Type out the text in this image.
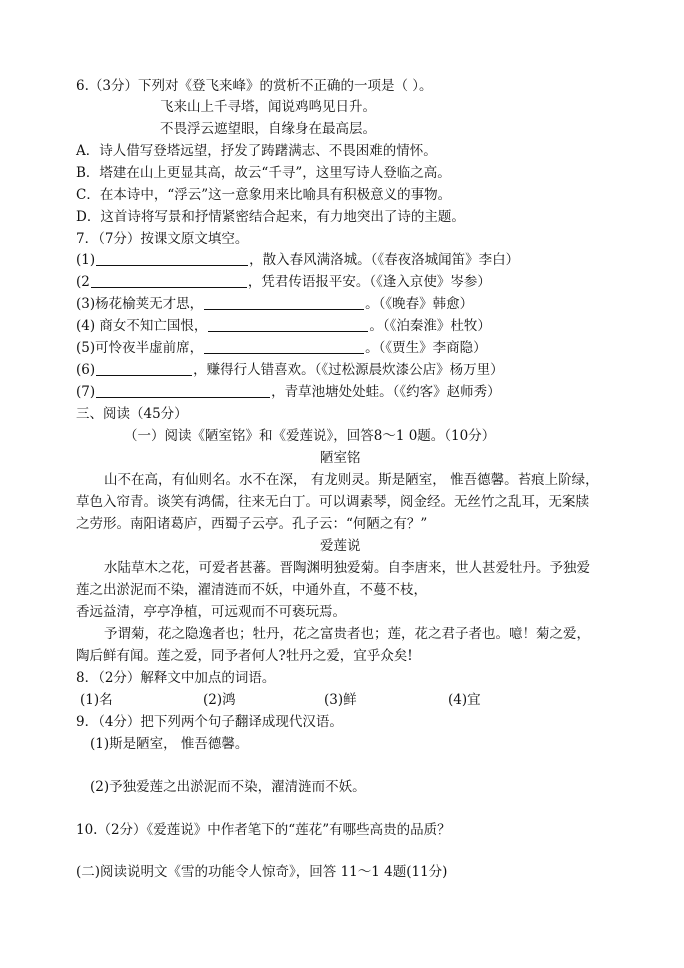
6.（3分）下列对《登飞来峰》的赏析不正确的一项是（ ）。
飞来山上千寻塔，闻说鸡鸣见日升。
不畏浮云遮望眼，自缘身在最高层。
A．诗人借写登塔远望，抒发了踌躇满志、不畏困难的情怀。
B．塔建在山上更显其高，故云“千寻”，这里写诗人登临之高。
C．在本诗中，“浮云”这一意象用来比喻具有积极意义的事物。
D．这首诗将写景和抒情紧密结合起来，有力地突出了诗的主题。
7．（7分）按课文原文填空。
(1)	，散入春风满洛城。（《春夜洛城闻笛》李白）
(2	，凭君传语报平安。（《逢入京使》岑参）
(3)杨花榆荚无才思，	。（《晚春》韩愈）
(4) 商女不知亡国恨，	。（《泊秦淮》杜牧）
(5)可怜夜半虚前席，	。（《贾生》李商隐）
(6)	，赚得行人错喜欢。（《过松源晨炊漆公店》杨万里）
(7)	，青草池塘处处蛙。（《约客》赵师秀）
三、阅读（45分）
（一）阅读《陋室铭》和《爱莲说》，回答8～1 0题。（10分）
陋室铭
山不在高，有仙则名。水不在深， 有龙则灵。斯是陋室， 惟吾德馨。苔痕上阶绿，
草色入帘青。谈笑有鸿儒，往来无白丁。可以调素琴，阅金经。无丝竹之乱耳，无案牍
之劳形。南阳诸葛庐，西蜀子云亭。孔子云：“何陋之有？”
爱莲说
水陆草木之花，可爱者甚蕃。晋陶渊明独爱菊。自李唐来，世人甚爱牡丹。予独爱
莲之出淤泥而不染，濯清涟而不妖，中通外直，不蔓不枝，
香远益清，亭亭净植，可远观而不可亵玩焉。
予谓菊，花之隐逸者也；牡丹，花之富贵者也；莲，花之君子者也。噫！菊之爱，
陶后鲜有闻。莲之爱，同予者何人?牡丹之爱，宜乎众矣!
8．（2分）解释文中加点的词语。
(1)名	(2)鸿	(3)鲜	(4)宜
9．（4分）把下列两个句子翻译成现代汉语。
(1)斯是陋室， 惟吾德馨。
(2)予独爱莲之出淤泥而不染，濯清涟而不妖。
10.（2分）《爱莲说》中作者笔下的“莲花”有哪些高贵的品质？
(二)阅读说明文《雪的功能令人惊奇》，回答 11～1 4题(11分)
